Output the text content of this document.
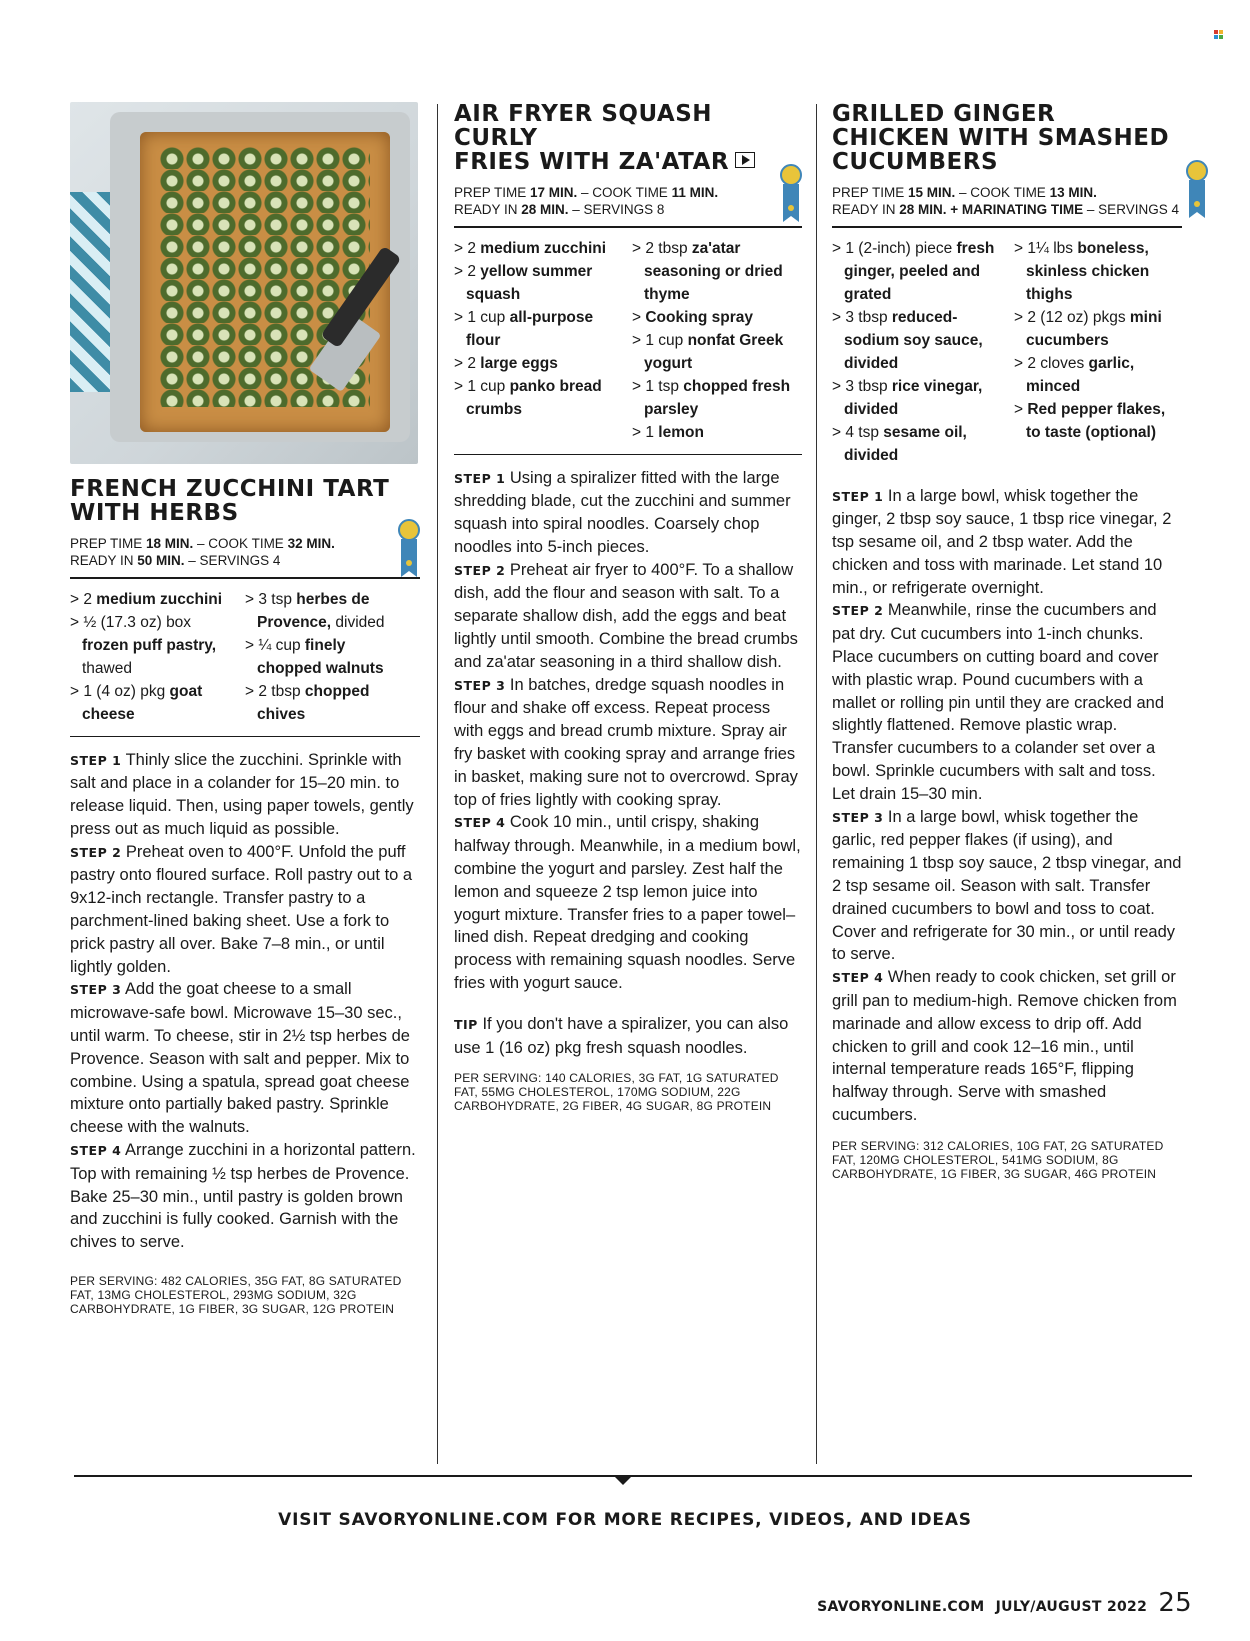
FRENCH ZUCCHINI TART
WITH HERBS
PREP TIME 18 MIN. – COOK TIME 32 MIN.
READY IN 50 MIN. – SERVINGS 4
> 2 medium zucchini
> ½ (17.3 oz) box frozen puff pastry, thawed
> 1 (4 oz) pkg goat cheese
> 3 tsp herbes de Provence, divided
> ¼ cup finely chopped walnuts
> 2 tbsp chopped chives
STEP 1 Thinly slice the zucchini. Sprinkle with salt and place in a colander for 15–20 min. to release liquid. Then, using paper towels, gently press out as much liquid as possible.
STEP 2 Preheat oven to 400°F. Unfold the puff pastry onto floured surface. Roll pastry out to a 9x12-inch rectangle. Transfer pastry to a parchment-lined baking sheet. Use a fork to prick pastry all over. Bake 7–8 min., or until lightly golden.
STEP 3 Add the goat cheese to a small microwave-safe bowl. Microwave 15–30 sec., until warm. To cheese, stir in 2½ tsp herbes de Provence. Season with salt and pepper. Mix to combine. Using a spatula, spread goat cheese mixture onto partially baked pastry. Sprinkle cheese with the walnuts.
STEP 4 Arrange zucchini in a horizontal pattern. Top with remaining ½ tsp herbes de Provence. Bake 25–30 min., until pastry is golden brown and zucchini is fully cooked. Garnish with the chives to serve.
PER SERVING: 482 CALORIES, 35G FAT, 8G SATURATED FAT, 13MG CHOLESTEROL, 293MG SODIUM, 32G CARBOHYDRATE, 1G FIBER, 3G SUGAR, 12G PROTEIN
AIR FRYER SQUASH CURLY
FRIES WITH ZA'ATAR
PREP TIME 17 MIN. – COOK TIME 11 MIN.
READY IN 28 MIN. – SERVINGS 8
> 2 medium zucchini
> 2 yellow summer squash
> 1 cup all-purpose flour
> 2 large eggs
> 1 cup panko bread crumbs
> 2 tbsp za'atar seasoning or dried thyme
> Cooking spray
> 1 cup nonfat Greek yogurt
> 1 tsp chopped fresh parsley
> 1 lemon
STEP 1 Using a spiralizer fitted with the large shredding blade, cut the zucchini and summer squash into spiral noodles. Coarsely chop noodles into 5-inch pieces.
STEP 2 Preheat air fryer to 400°F. To a shallow dish, add the flour and season with salt. To a separate shallow dish, add the eggs and beat lightly until smooth. Combine the bread crumbs and za'atar seasoning in a third shallow dish.
STEP 3 In batches, dredge squash noodles in flour and shake off excess. Repeat process with eggs and bread crumb mixture. Spray air fry basket with cooking spray and arrange fries in basket, making sure not to overcrowd. Spray top of fries lightly with cooking spray.
STEP 4 Cook 10 min., until crispy, shaking halfway through. Meanwhile, in a medium bowl, combine the yogurt and parsley. Zest half the lemon and squeeze 2 tsp lemon juice into yogurt mixture. Transfer fries to a paper towel–lined dish. Repeat dredging and cooking process with remaining squash noodles. Serve fries with yogurt sauce.
TIP If you don't have a spiralizer, you can also use 1 (16 oz) pkg fresh squash noodles.
PER SERVING: 140 CALORIES, 3G FAT, 1G SATURATED FAT, 55MG CHOLESTEROL, 170MG SODIUM, 22G CARBOHYDRATE, 2G FIBER, 4G SUGAR, 8G PROTEIN
GRILLED GINGER
CHICKEN WITH SMASHED
CUCUMBERS
PREP TIME 15 MIN. – COOK TIME 13 MIN.
READY IN 28 MIN. + MARINATING TIME – SERVINGS 4
> 1 (2-inch) piece fresh ginger, peeled and grated
> 3 tbsp reduced-sodium soy sauce, divided
> 3 tbsp rice vinegar, divided
> 4 tsp sesame oil, divided
> 1¼ lbs boneless, skinless chicken thighs
> 2 (12 oz) pkgs mini cucumbers
> 2 cloves garlic, minced
> Red pepper flakes, to taste (optional)
STEP 1 In a large bowl, whisk together the ginger, 2 tbsp soy sauce, 1 tbsp rice vinegar, 2 tsp sesame oil, and 2 tbsp water. Add the chicken and toss with marinade. Let stand 10 min., or refrigerate overnight.
STEP 2 Meanwhile, rinse the cucumbers and pat dry. Cut cucumbers into 1-inch chunks. Place cucumbers on cutting board and cover with plastic wrap. Pound cucumbers with a mallet or rolling pin until they are cracked and slightly flattened. Remove plastic wrap. Transfer cucumbers to a colander set over a bowl. Sprinkle cucumbers with salt and toss. Let drain 15–30 min.
STEP 3 In a large bowl, whisk together the garlic, red pepper flakes (if using), and remaining 1 tbsp soy sauce, 2 tbsp vinegar, and 2 tsp sesame oil. Season with salt. Transfer drained cucumbers to bowl and toss to coat. Cover and refrigerate for 30 min., or until ready to serve.
STEP 4 When ready to cook chicken, set grill or grill pan to medium-high. Remove chicken from marinade and allow excess to drip off. Add chicken to grill and cook 12–16 min., until internal temperature reads 165°F, flipping halfway through. Serve with smashed cucumbers.
PER SERVING: 312 CALORIES, 10G FAT, 2G SATURATED FAT, 120MG CHOLESTEROL, 541MG SODIUM, 8G CARBOHYDRATE, 1G FIBER, 3G SUGAR, 46G PROTEIN
VISIT SAVORYONLINE.COM FOR MORE RECIPES, VIDEOS, AND IDEAS
SAVORYONLINE.COM JULY/AUGUST 2022 25
